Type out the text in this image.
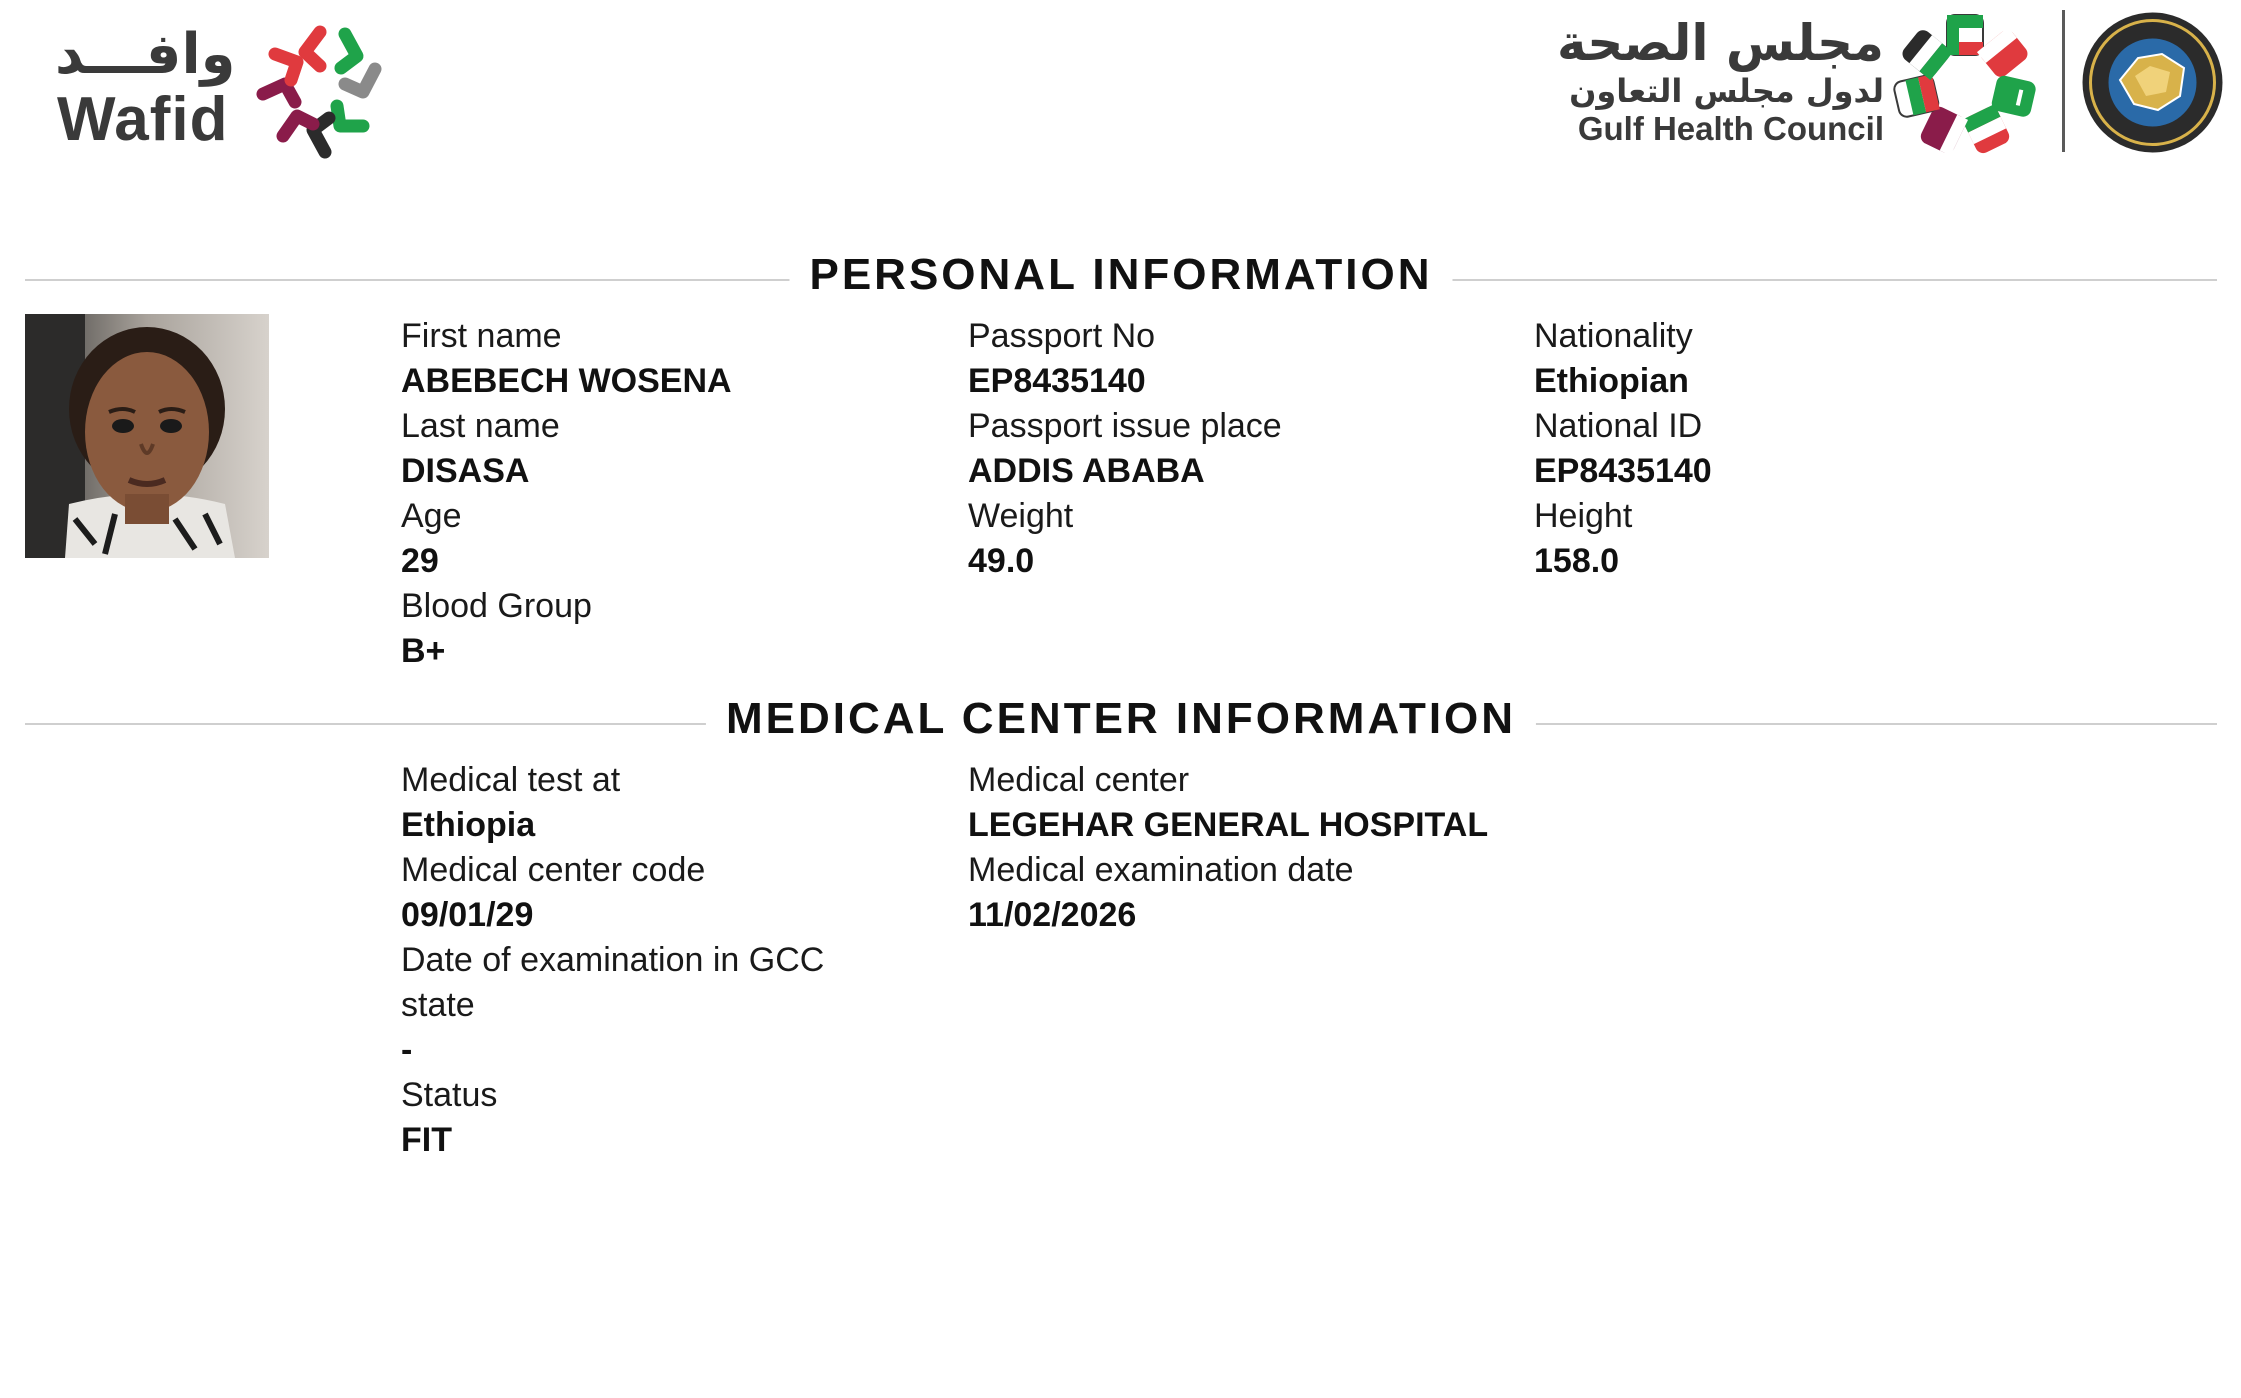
وافـــد
Wafid
مجلس الصحة
لدول مجلس التعاون
Gulf Health Council
PERSONAL INFORMATION
First name
ABEBECH WOSENA
Last name
DISASA
Age
29
Blood Group
B+
Passport No
EP8435140
Passport issue place
ADDIS ABABA
Weight
49.0
Nationality
Ethiopian
National ID
EP8435140
Height
158.0
MEDICAL CENTER INFORMATION
Medical test at
Ethiopia
Medical center code
09/01/29
Date of examination in GCC state
-
Status
FIT
Medical center
LEGEHAR GENERAL HOSPITAL
Medical examination date
11/02/2026
